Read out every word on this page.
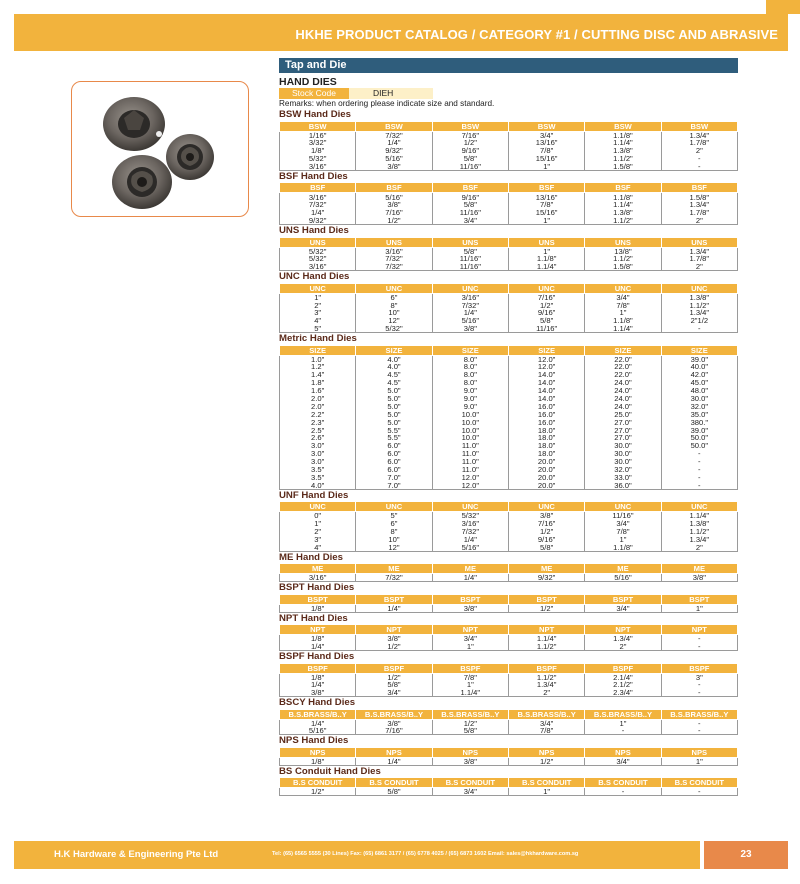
HKHE PRODUCT CATALOG / CATEGORY #1 / CUTTING DISC AND ABRASIVE
Tap and Die
HAND DIES
Stock Code	DIEH
Remarks: when ordering please indicate size and standard.
BSW Hand Dies
BSW	BSW	BSW	BSW	BSW	BSW
1/16"	7/32"	7/16"	3/4"	1.1/8"	1.3/4"
3/32"	1/4"	1/2"	13/16"	1.1/4"	1.7/8"
1/8"	9/32"	9/16"	7/8"	1.3/8"	2"
5/32"	5/16"	5/8"	15/16"	1.1/2"	-
3/16"	3/8"	11/16"	1"	1.5/8"	-
BSF Hand Dies
BSF	BSF	BSF	BSF	BSF	BSF
3/16"	5/16"	9/16"	13/16"	1.1/8"	1.5/8"
7/32"	3/8"	5/8"	7/8"	1.1/4"	1.3/4"
1/4"	7/16"	11/16"	15/16"	1.3/8"	1.7/8"
9/32"	1/2"	3/4"	1"	1.1/2"	2"
UNS Hand Dies
UNS	UNS	UNS	UNS	UNS	UNS
5/32"	3/16"	5/8"	1"	13/8"	1.3/4"
5/32"	7/32"	11/16"	1.1/8"	1.1/2"	1.7/8"
3/16"	7/32"	11/16"	1.1/4"	1.5/8"	2"
UNC Hand Dies
UNC	UNC	UNC	UNC	UNC	UNC
1"	6"	3/16"	7/16"	3/4"	1.3/8"
2"	8"	7/32"	1/2"	7/8"	1.1/2"
3"	10"	1/4"	9/16"	1"	1.3/4"
4"	12"	5/16"	5/8"	1.1/8"	2"1/2
5"	5/32"	3/8"	11/16"	1.1/4"	-
Metric Hand Dies
SIZE	SIZE	SIZE	SIZE	SIZE	SIZE
1.0"	4.0"	8.0"	12.0"	22.0"	39.0"
1.2"	4.0"	8.0"	12.0"	22.0"	40.0"
1.4"	4.5"	8.0"	14.0"	22.0"	42.0"
1.8"	4.5"	8.0"	14.0"	24.0"	45.0"
1.6"	5.0"	9.0"	14.0"	24.0"	48.0"
2.0"	5.0"	9.0"	14.0"	24.0"	30.0"
2.0"	5.0"	9.0"	16.0"	24.0"	32.0"
2.2"	5.0"	10.0"	16.0"	25.0"	35.0"
2.3"	5.0"	10.0"	16.0"	27.0"	380."
2.5"	5.5"	10.0"	18.0"	27.0"	39.0"
2.6"	5.5"	10.0"	18.0"	27.0"	50.0"
3.0"	6.0"	11.0"	18.0"	30.0"	50.0"
3.0"	6.0"	11.0"	18.0"	30.0"	-
3.0"	6.0"	11.0"	20.0"	30.0"	-
3.5"	6.0"	11.0"	20.0"	32.0"	-
3.5"	7.0"	12.0"	20.0"	33.0"	-
4.0"	7.0"	12.0"	20.0"	36.0"	-
UNF Hand Dies
UNC	UNC	UNC	UNC	UNC	UNC
0"	5"	5/32"	3/8"	11/16"	1.1/4"
1"	6"	3/16"	7/16"	3/4"	1.3/8"
2"	8"	7/32"	1/2"	7/8"	1.1/2"
3"	10"	1/4"	9/16"	1"	1.3/4"
4"	12"	5/16"	5/8"	1.1/8"	2"
ME Hand Dies
ME	ME	ME	ME	ME	ME
3/16"	7/32"	1/4"	9/32"	5/16"	3/8"
BSPT Hand Dies
BSPT	BSPT	BSPT	BSPT	BSPT	BSPT
1/8"	1/4"	3/8"	1/2"	3/4"	1"
NPT Hand Dies
NPT	NPT	NPT	NPT	NPT	NPT
1/8"	3/8"	3/4"	1.1/4"	1.3/4"	-
1/4"	1/2"	1"	1.1/2"	2"	-
BSPF Hand Dies
BSPF	BSPF	BSPF	BSPF	BSPF	BSPF
1/8"	1/2"	7/8"	1.1/2"	2.1/4"	3"
1/4"	5/8"	1"	1.3/4"	2.1/2"	-
3/8"	3/4"	1.1/4"	2"	2.3/4"	-
BSCY Hand Dies
B.S.BRASS/B..Y	B.S.BRASS/B..Y	B.S.BRASS/B..Y	B.S.BRASS/B..Y	B.S.BRASS/B..Y	B.S.BRASS/B..Y
1/4"	3/8"	1/2"	3/4"	1"	-
5/16"	7/16"	5/8"	7/8"	-	-
NPS Hand Dies
NPS	NPS	NPS	NPS	NPS	NPS
1/8"	1/4"	3/8"	1/2"	3/4"	1"
BS Conduit Hand Dies
B.S CONDUIT	B.S CONDUIT	B.S CONDUIT	B.S CONDUIT	B.S CONDUIT	B.S CONDUIT
1/2"	5/8"	3/4"	1"	-	-
H.K Hardware & Engineering Pte Ltd	Tel: (65) 6565 5555 (30 Lines) Fax: (65) 6861 3177 / (65) 6778 4025 / (65) 6873 1602 Email: sales@hkhardware.com.sg	23
